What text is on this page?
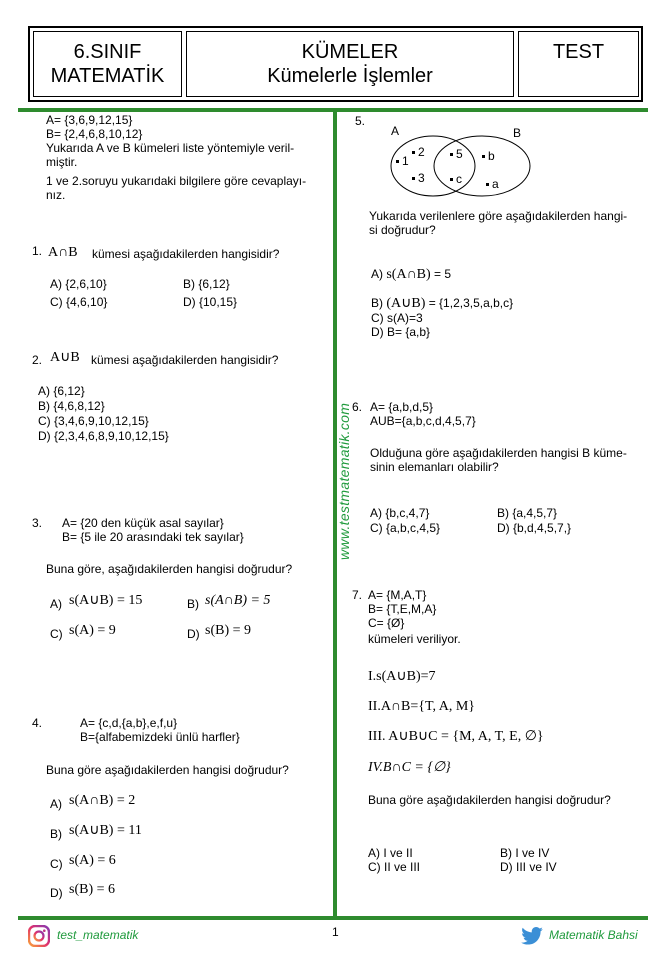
6.SINIF
MATEMATİK
KÜMELER
Kümelerle İşlemler
TEST
www.testmatematik.com
A= {3,6,9,12,15}
B= {2,4,6,8,10,12}
Yukarıda A ve B kümeleri liste yöntemiyle veril-
miştir.
1 ve 2.soruyu yukarıdaki bilgilere göre cevaplayı-
nız.
1. A∩B kümesi aşağıdakilerden hangisidir?
A) {2,6,10}	B) {6,12}
C) {4,6,10}	D) {10,15}
2. A∪B kümesi aşağıdakilerden hangisidir?
A) {6,12}
B) {4,6,8,12}
C) {3,4,6,9,10,12,15}
D) {2,3,4,6,8,9,10,12,15}
3. A= {20 den küçük asal sayılar}
B= {5 ile 20 arasındaki tek sayılar}
Buna göre, aşağıdakilerden hangisi doğrudur?
A) s(A∪B) = 15	B) s(A∩B) = 5
C) s(A) = 9	D) s(B) = 9
4.	A= {c,d,{a,b},e,f,u}
B={alfabemizdeki ünlü harfler}
Buna göre aşağıdakilerden hangisi doğrudur?
A) s(A∩B) = 2
B) s(A∪B) = 11
C) s(A) = 6
D) s(B) = 6
5.
A	B
1
2
3
5
c
b
a
Yukarıda verilenlere göre aşağıdakilerden hangi-
si doğrudur?
A) s(A∩B) = 5
B) (A∪B) = {1,2,3,5,a,b,c}
C) s(A)=3
D) B= {a,b}
6. A= {a,b,d,5}
AUB={a,b,c,d,4,5,7}
Olduğuna göre aşağıdakilerden hangisi B küme-
sinin elemanları olabilir?
A) {b,c,4,7}	B) {a,4,5,7}
C) {a,b,c,4,5}	D) {b,d,4,5,7,}
7. A= {M,A,T}
B= {T,E,M,A}
C= {Ø}
kümeleri veriliyor.
I.s(A∪B)=7
II.A∩B={T, A, M}
III. A∪B∪C = {M, A, T, E, ∅}
IV.B∩C = {∅}
Buna göre aşağıdakilerden hangisi doğrudur?
A) I ve II	B) I ve IV
C) II ve III	D) III ve IV
test_matematik	1	Matematik Bahsi
